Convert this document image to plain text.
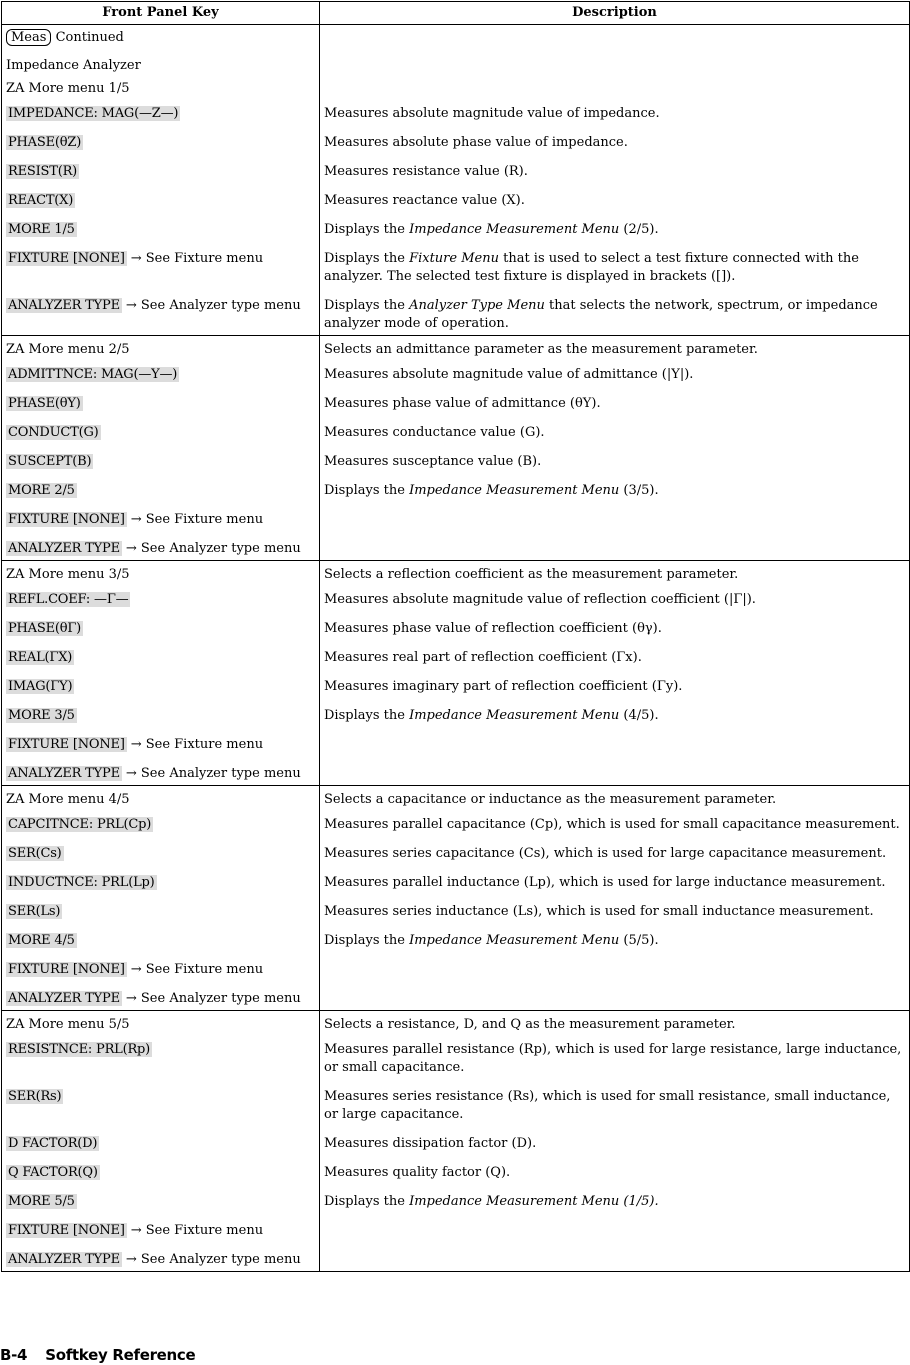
Front Panel Key	Description
Meas Continued	
Impedance Analyzer	
ZA More menu 1/5	
IMPEDANCE: MAG(—Z—)	Measures absolute magnitude value of impedance.
PHASE(θZ)	Measures absolute phase value of impedance.
RESIST(R)	Measures resistance value (R).
REACT(X)	Measures reactance value (X).
MORE 1/5	Displays the Impedance Measurement Menu (2/5).
FIXTURE [NONE] → See Fixture menu	Displays the Fixture Menu that is used to select a test fixture connected with the analyzer. The selected test fixture is displayed in brackets ([]).
ANALYZER TYPE → See Analyzer type menu	Displays the Analyzer Type Menu that selects the network, spectrum, or impedance analyzer mode of operation.
ZA More menu 2/5	Selects an admittance parameter as the measurement parameter.
ADMITTNCE: MAG(—Y—)	Measures absolute magnitude value of admittance (|Y|).
PHASE(θY)	Measures phase value of admittance (θY).
CONDUCT(G)	Measures conductance value (G).
SUSCEPT(B)	Measures susceptance value (B).
MORE 2/5	Displays the Impedance Measurement Menu (3/5).
FIXTURE [NONE] → See Fixture menu	
ANALYZER TYPE → See Analyzer type menu	
ZA More menu 3/5	Selects a reflection coefficient as the measurement parameter.
REFL.COEF: —Γ—	Measures absolute magnitude value of reflection coefficient (|Γ|).
PHASE(θΓ)	Measures phase value of reflection coefficient (θγ).
REAL(ΓX)	Measures real part of reflection coefficient (Γx).
IMAG(ΓY)	Measures imaginary part of reflection coefficient (Γy).
MORE 3/5	Displays the Impedance Measurement Menu (4/5).
FIXTURE [NONE] → See Fixture menu	
ANALYZER TYPE → See Analyzer type menu	
ZA More menu 4/5	Selects a capacitance or inductance as the measurement parameter.
CAPCITNCE: PRL(Cp)	Measures parallel capacitance (Cp), which is used for small capacitance measurement.
SER(Cs)	Measures series capacitance (Cs), which is used for large capacitance measurement.
INDUCTNCE: PRL(Lp)	Measures parallel inductance (Lp), which is used for large inductance measurement.
SER(Ls)	Measures series inductance (Ls), which is used for small inductance measurement.
MORE 4/5	Displays the Impedance Measurement Menu (5/5).
FIXTURE [NONE] → See Fixture menu	
ANALYZER TYPE → See Analyzer type menu	
ZA More menu 5/5	Selects a resistance, D, and Q as the measurement parameter.
RESISTNCE: PRL(Rp)	Measures parallel resistance (Rp), which is used for large resistance, large inductance, or small capacitance.
SER(Rs)	Measures series resistance (Rs), which is used for small resistance, small inductance, or large capacitance.
D FACTOR(D)	Measures dissipation factor (D).
Q FACTOR(Q)	Measures quality factor (Q).
MORE 5/5	Displays the Impedance Measurement Menu (1/5).
FIXTURE [NONE] → See Fixture menu	
ANALYZER TYPE → See Analyzer type menu	
B-4 Softkey Reference
